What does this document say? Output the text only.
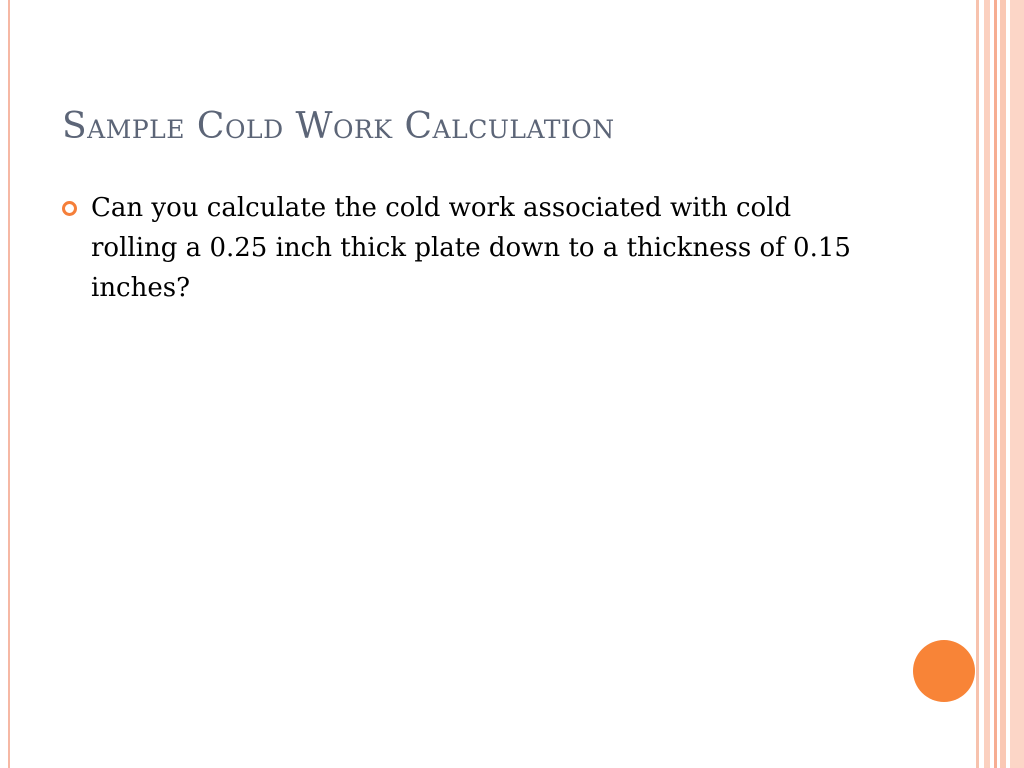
Sample Cold Work Calculation
Can you calculate the cold work associated with cold rolling a 0.25 inch thick plate down to a thickness of 0.15 inches?
